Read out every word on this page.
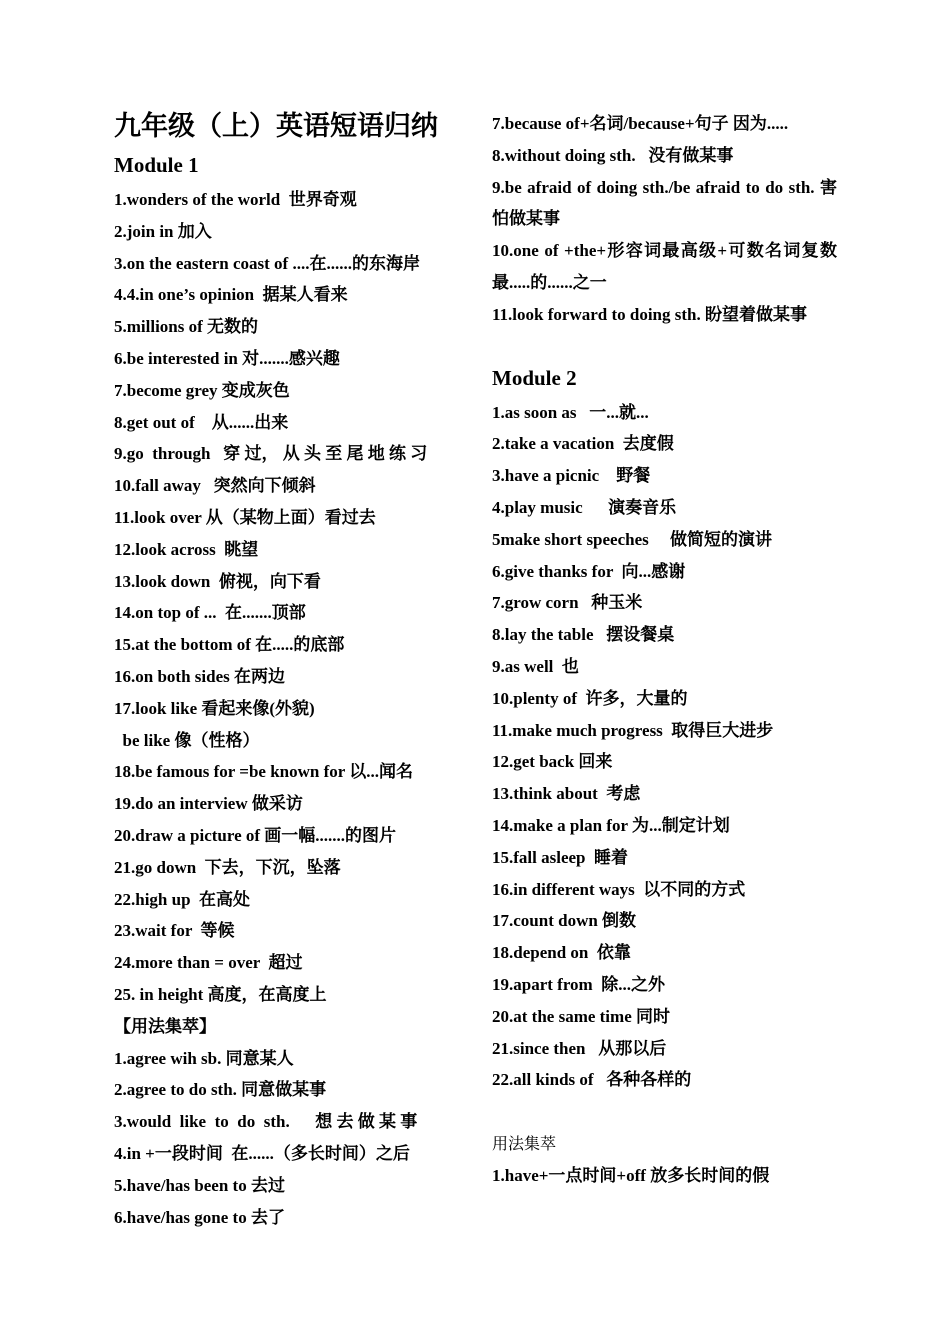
九年级（上）英语短语归纳
Module 1
1.wonders of the world  世界奇观
2.join in 加入
3.on the eastern coast of ....在......的东海岸
4.4.in one’s opinion  据某人看来
5.millions of 无数的
6.be interested in 对.......感兴趣
7.become grey 变成灰色
8.get out of    从......出来
9.go  through   穿 过， 从 头 至 尾 地 练 习
10.fall away   突然向下倾斜
11.look over 从（某物上面）看过去
12.look across  眺望
13.look down  俯视，向下看
14.on top of ...  在.......顶部
15.at the bottom of 在.....的底部
16.on both sides 在两边
17.look like 看起来像(外貌)
be like 像（性格）
18.be famous for =be known for 以...闻名
19.do an interview 做采访
20.draw a picture of 画一幅.......的图片
21.go down  下去，下沉，坠落
22.high up  在高处
23.wait for  等候
24.more than = over  超过
25. in height 高度，在高度上
【用法集萃】
1.agree wih sb. 同意某人
2.agree to do sth. 同意做某事
3.would  like  to  do  sth.      想 去 做 某 事
4.in +一段时间  在......（多长时间）之后
5.have/has been to 去过
6.have/has gone to 去了
7.because of+名词/because+句子 因为.....
8.without doing sth.   没有做某事
9.be afraid of doing sth./be afraid to do sth. 害怕做某事
10.one of +the+形容词最高级+可数名词复数 最.....的......之一
11.look forward to doing sth. 盼望着做某事
Module 2
1.as soon as   一...就...
2.take a vacation  去度假
3.have a picnic    野餐
4.play music      演奏音乐
5make short speeches     做简短的演讲
6.give thanks for  向...感谢
7.grow corn   种玉米
8.lay the table   摆设餐桌
9.as well  也
10.plenty of  许多，大量的
11.make much progress  取得巨大进步
12.get back 回来
13.think about  考虑
14.make a plan for 为...制定计划
15.fall asleep  睡着
16.in different ways  以不同的方式
17.count down 倒数
18.depend on  依靠
19.apart from  除...之外
20.at the same time 同时
21.since then   从那以后
22.all kinds of   各种各样的
用法集萃
1.have+一点时间+off 放多长时间的假
